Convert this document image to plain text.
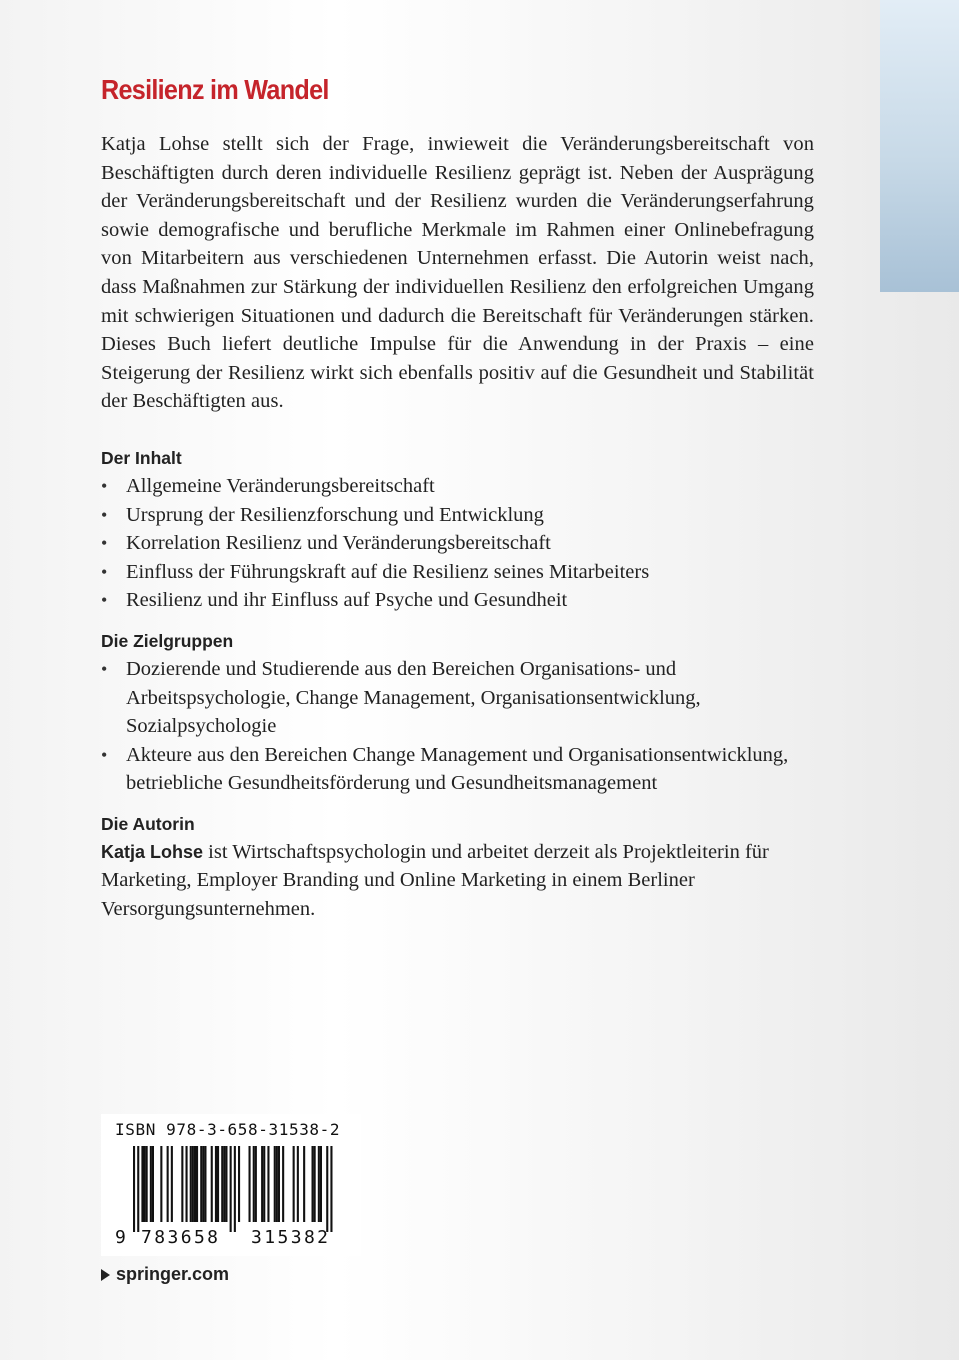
Resilienz im Wandel

Katja Lohse stellt sich der Frage, inwieweit die Veränderungsbereitschaft von Beschäftigten durch deren individuelle Resilienz geprägt ist. Neben der Ausprägung der Veränderungsbereitschaft und der Resilienz wurden die Veränderungserfahrung sowie demografische und berufliche Merkmale im Rahmen einer Onlinebefragung von Mitarbeitern aus verschiedenen Unternehmen erfasst. Die Autorin weist nach, dass Maßnahmen zur Stärkung der individuellen Resilienz den erfolgreichen Umgang mit schwierigen Situationen und dadurch die Bereitschaft für Veränderungen stärken. Dieses Buch liefert deutliche Impulse für die Anwendung in der Praxis – eine Steigerung der Resilienz wirkt sich ebenfalls positiv auf die Gesundheit und Stabilität der Beschäftigten aus.

Der Inhalt
• Allgemeine Veränderungsbereitschaft
• Ursprung der Resilienzforschung und Entwicklung
• Korrelation Resilienz und Veränderungsbereitschaft
• Einfluss der Führungskraft auf die Resilienz seines Mitarbeiters
• Resilienz und ihr Einfluss auf Psyche und Gesundheit
Die Zielgruppen
• Dozierende und Studierende aus den Bereichen Organisations- und Arbeitspsychologie, Change Management, Organisationsentwicklung, Sozialpsychologie
• Akteure aus den Bereichen Change Management und Organisationsentwicklung, betriebliche Gesundheitsförderung und Gesundheitsmanagement
Die Autorin

Katja Lohse ist Wirtschaftspsychologin und arbeitet derzeit als Projektleiterin für Marketing, Employer Branding und Online Marketing in einem Berliner Versorgungsunternehmen.

ISBN 978-3-658-31538-2
9 783658 315382
springer.com
